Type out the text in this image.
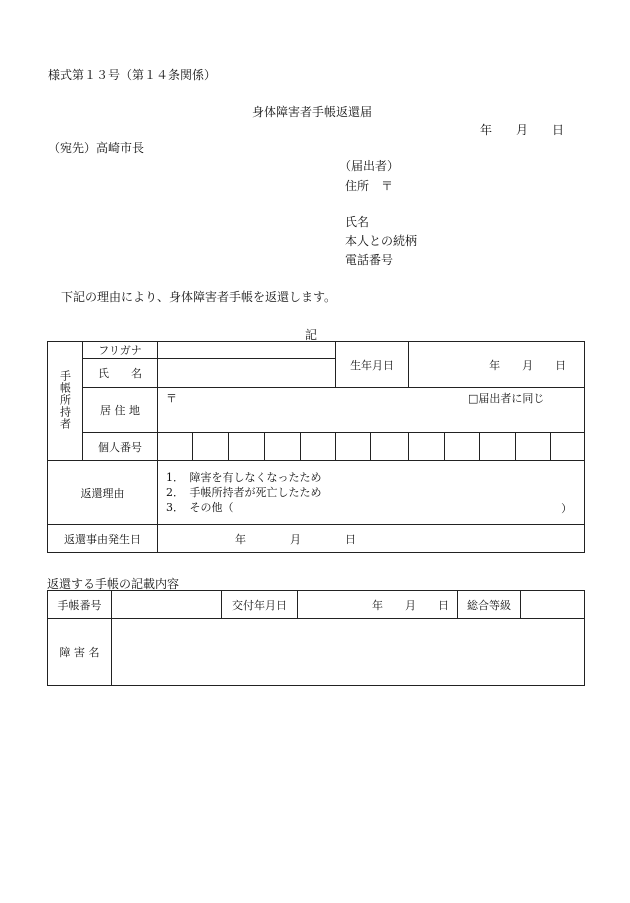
様式第１３号（第１４条関係）
身体障害者手帳返還届
年　　月　　日
（宛先）高崎市長
（届出者）
住所　〒
氏名
本人との続柄
電話番号
下記の理由により、身体障害者手帳を返還します。
記
手帳所持者	フリガナ						生年月日		年　　月　　日				
	氏　　名												
	居 住 地	〒 □届出者に同じ											

	個人番号												
返還理由		1．　障害を有しなくなったため
2．　手帳所持者が死亡したため
3．　その他（ ）											

返還事由発生日		年　　　　月　　　　日											
返還する手帳の記載内容
手帳番号		交付年月日	年　　月　　日	総合等級	
障 害 名					
